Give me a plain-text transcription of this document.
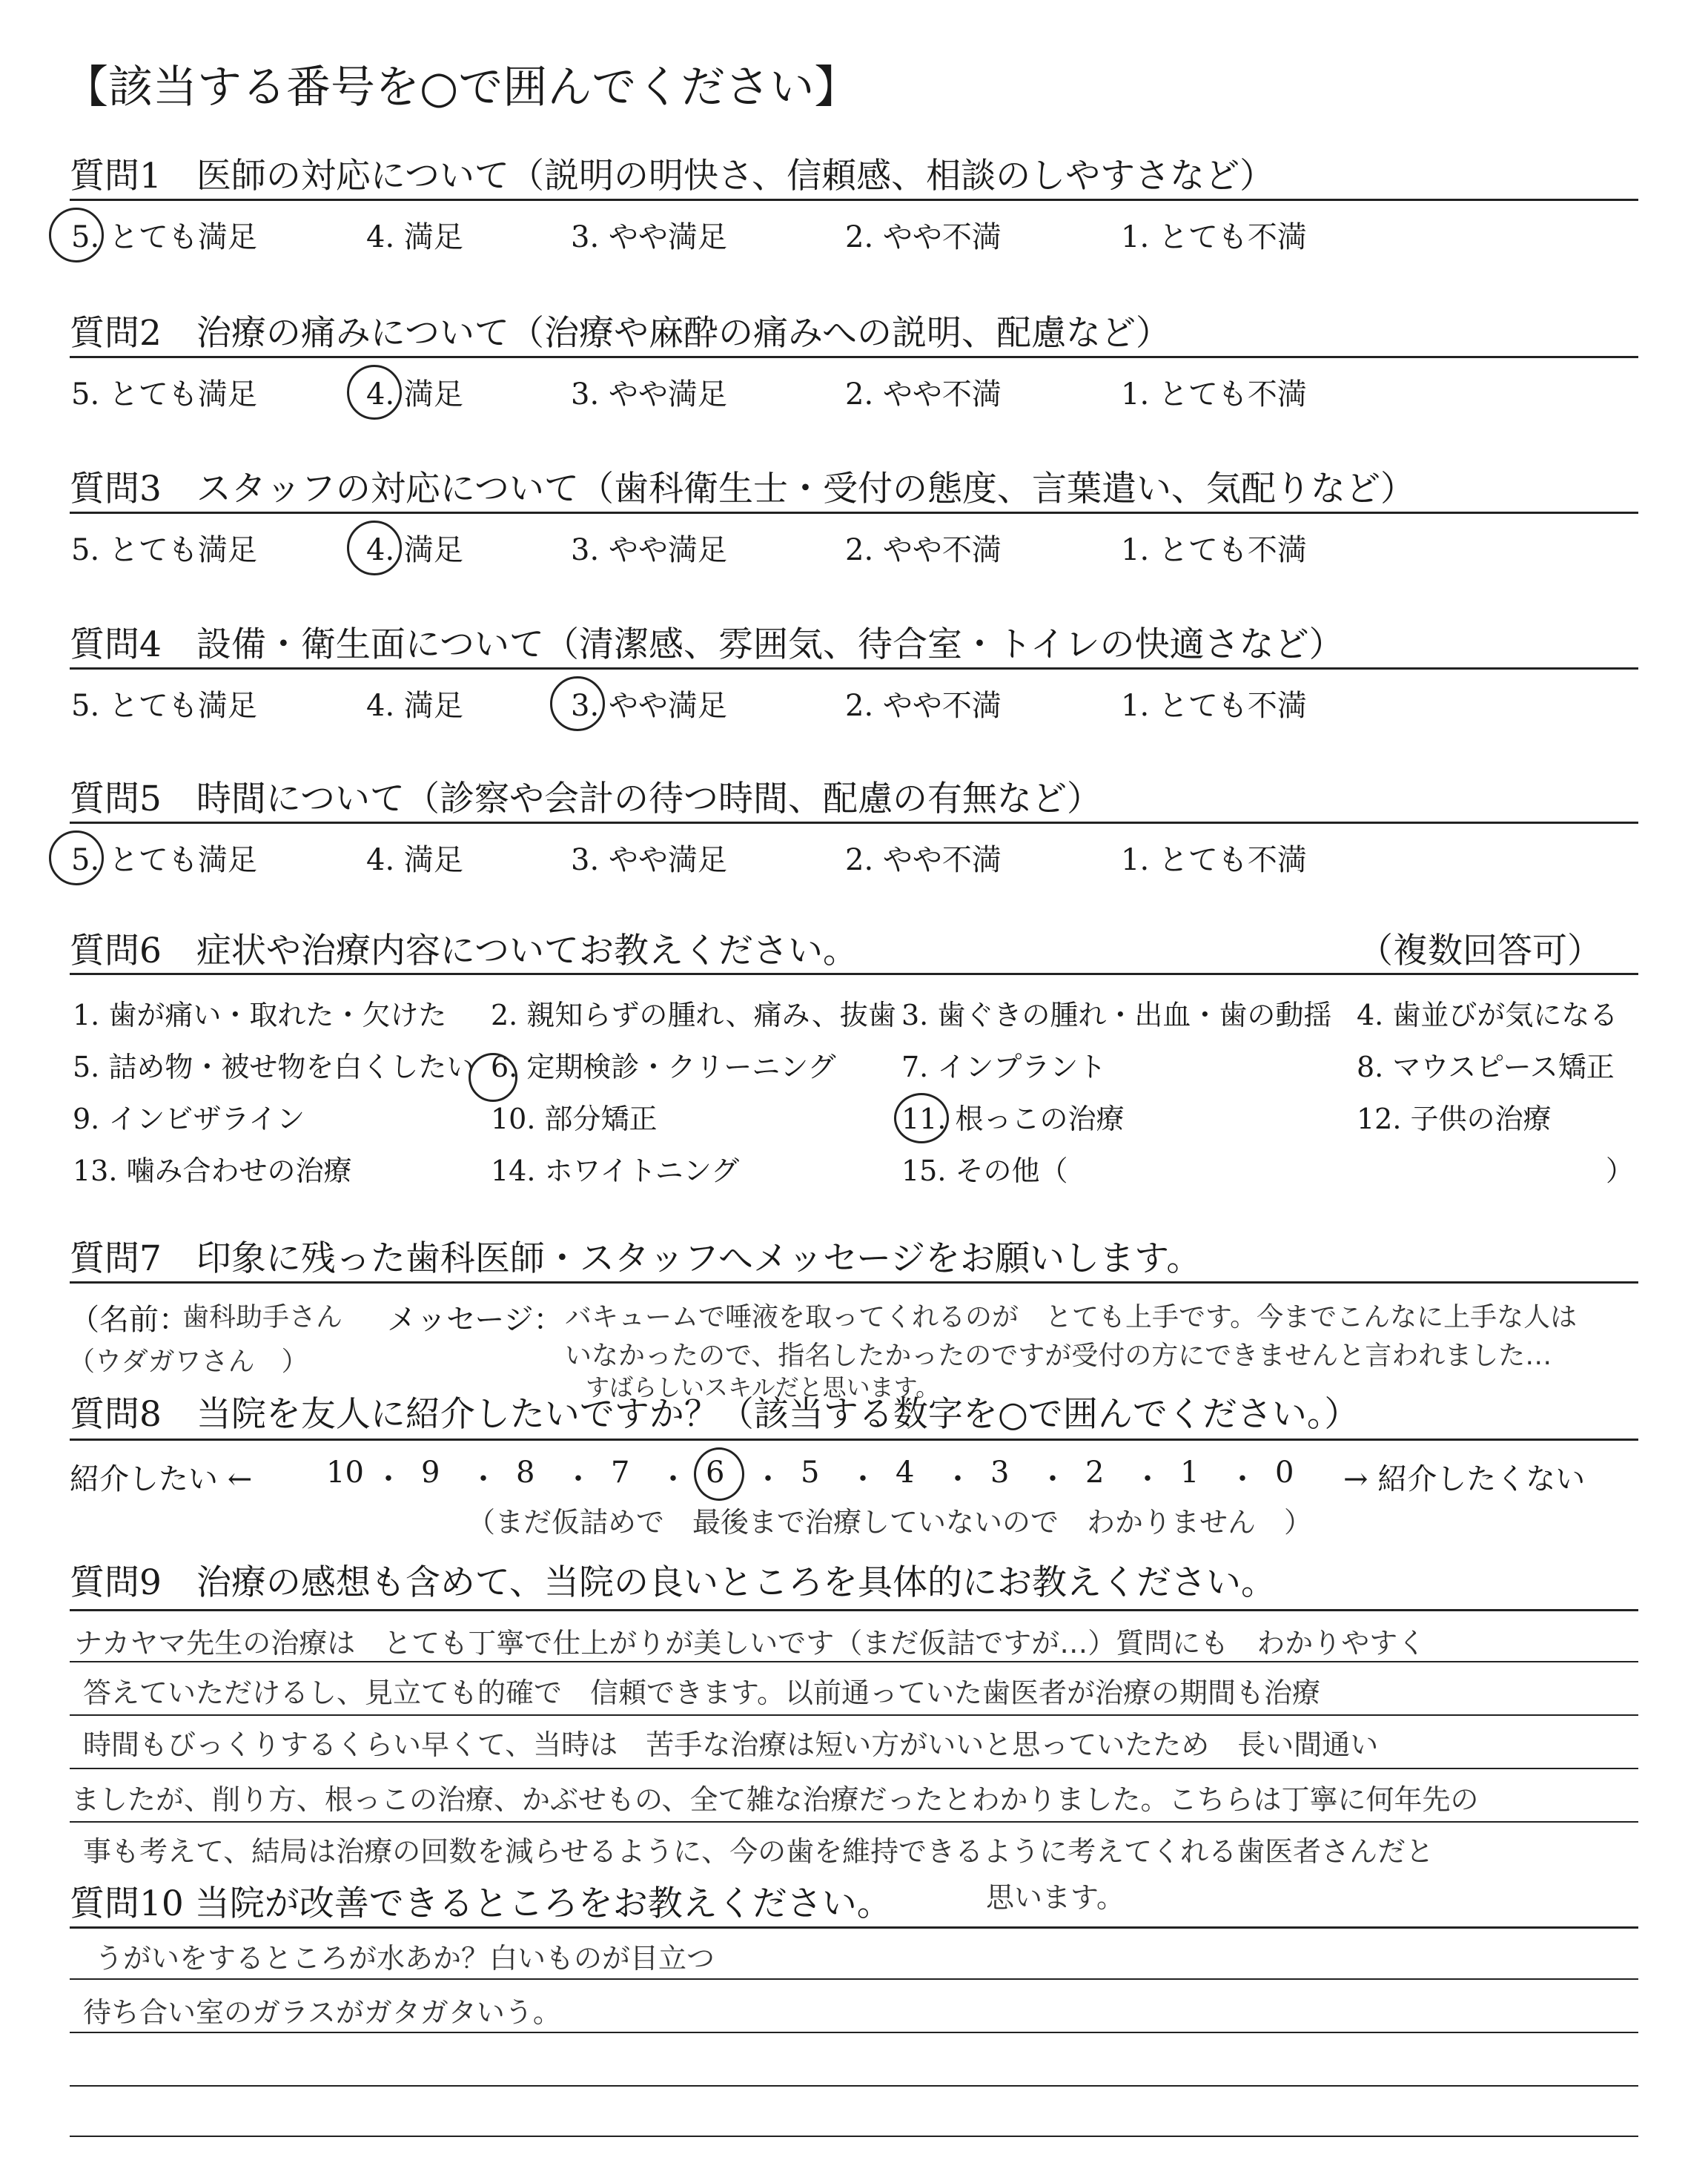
【該当する番号を○で囲んでください】
質問1　医師の対応について（説明の明快さ、信頼感、相談のしやすさなど）
5. とても満足	4. 満足	3. やや満足	2. やや不満	1. とても不満
質問2　治療の痛みについて（治療や麻酔の痛みへの説明、配慮など）
5. とても満足	4. 満足	3. やや満足	2. やや不満	1. とても不満
質問3　スタッフの対応について（歯科衛生士・受付の態度、言葉遣い、気配りなど）
5. とても満足	4. 満足	3. やや満足	2. やや不満	1. とても不満
質問4　設備・衛生面について（清潔感、雰囲気、待合室・トイレの快適さなど）
5. とても満足	4. 満足	3. やや満足	2. やや不満	1. とても不満
質問5　時間について（診察や会計の待つ時間、配慮の有無など）
5. とても満足	4. 満足	3. やや満足	2. やや不満	1. とても不満
質問6　症状や治療内容についてお教えください。	（複数回答可）
1. 歯が痛い・取れた・欠けた 2. 親知らずの腫れ、痛み、抜歯 3. 歯ぐきの腫れ・出血・歯の動揺 4. 歯並びが気になる
5. 詰め物・被せ物を白くしたい 6. 定期検診・クリーニング 7. インプラント	8. マウスピース矯正
9. インビザライン	10. 部分矯正	11. 根っこの治療	12. 子供の治療
13. 噛み合わせの治療	14. ホワイトニング	15. その他（	）
質問7　印象に残った歯科医師・スタッフへメッセージをお願いします。
（名前：
歯科助手さん
（ウダガワさん　）
メッセージ： バキュームで唾液を取ってくれるのが　とても上手です。今までこんなに上手な人は
いなかったので、指名したかったのですが受付の方にできませんと言われました…
すばらしいスキルだと思います。
質問8　当院を友人に紹介したいですか？（該当する数字を○で囲んでください。）
紹介したい ← 10 ・ 9 ・ 8 ・ 7 ・ 6 ・ 5 ・ 4 ・ 3 ・ 2 ・ 1 ・ 0 → 紹介したくない
（まだ仮詰めで　最後まで治療していないので　わかりません　）
質問9　治療の感想も含めて、当院の良いところを具体的にお教えください。
ナカヤマ先生の治療は　とても丁寧で仕上がりが美しいです（まだ仮詰ですが…）質問にも　わかりやすく
答えていただけるし、見立ても的確で　信頼できます。以前通っていた歯医者が治療の期間も治療
時間もびっくりするくらい早くて、当時は　苦手な治療は短い方がいいと思っていたため　長い間通い
ましたが、削り方、根っこの治療、かぶせもの、全て雑な治療だったとわかりました。こちらは丁寧に何年先の
事も考えて、結局は治療の回数を減らせるように、今の歯を維持できるように考えてくれる歯医者さんだと
質問10 当院が改善できるところをお教えください。	思います。
うがいをするところが水あか？白いものが目立つ
待ち合い室のガラスがガタガタいう。
